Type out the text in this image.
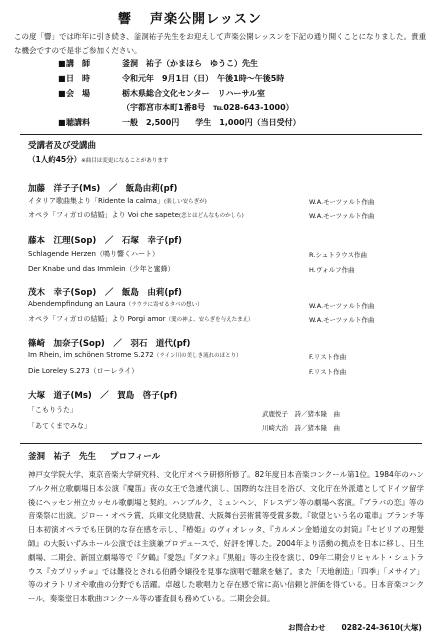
響 声楽公開レッスン
この度「響」では昨年に引き続き、釜洞祐子先生をお迎えして声楽公開レッスンを下記の通り開くことになりました。貴重な機会ですので是非ご参加ください。
■講　師	釜洞　祐子（かまほら　ゆうこ）先生
■日　時	令和元年　9月1日（日）　午後1時～午後5時
■会　場	栃木県総合文化センター　リハーサル室
（宇都宮市本町1番8号　℡028-643-1000）
■聴講料	一般　2,500円　　学生　1,000円（当日受付）
受講者及び受講曲
（1人約45分）※曲目は変更になることがあります
加藤　洋子子(Ms)　／　飯島由莉(pf)
イタリア歌曲集より「Ridente la calma」(楽しい安らぎが)	W.A.モーツァルト作曲
オペラ「フィガロの結婚」より Voi che sapete(恋とはどんなものかしら)	W.A.モーツァルト作曲
藤本　江理(Sop)　／　石塚　幸子(pf)
Schlagende Herzen（鳴り響くハート）	R.シュトラウス作曲
Der Knabe und das Immlein（少年と蜜蜂）	H.ヴォルフ作曲
茂木　幸子(Sop)　／　飯島　由莉(pf)
Abendempfindung an Laura（ラウラに寄せるタベの想い）	W.A.モーツァルト作曲
オペラ「フィガロの結婚」より Porgi amor（愛の神よ、安らぎを与えたまえ）	W.A.モーツァルト作曲
篠崎　加奈子(Sop)　／　羽石　道代(pf)
Im Rhein, im schönen Strome S.272（ライン川の美しき流れのほとり）	F.リスト作曲
Die Loreley S.273（ローレライ）	F.リスト作曲
大塚　道子(Ms)　／　賀島　啓子(pf)
「こもりうた」	武鹿悦子　詩／猪本隆　曲
「あてくまでみな」	川崎大治　詩／猪本隆　曲
釜洞　祐子　先生 プロフィール
神戸女学院大学、東京音楽大学研究科、文化庁オペラ研修所修了。82年度日本音楽コンクール第1位。1984年のハンブルク州立歌劇場日本公演『魔笛』夜の女王で急遽代演し、国際的な注目を浴び、文化庁在外派遣としてドイツ留学後にヘッセン州立カッセル歌劇場と契約。ハンブルク、ミュンヘン、ドレスデン等の劇場へ客演。『ブラバの恋』等の音楽祭に出演。ジロー・オペラ賞、兵庫文化奨励賞、大阪舞台芸術賞等受賞多数。『欲望という名の電車』ブランチ等日本初演オペラでも圧倒的な存在感を示し、『椿姫』のヴィオレッタ、『カルメン金婚道女の封筒』『セビリアの理髪師』の大阪いずみホール公演では主演兼プロデュースで、好評を博した。2004年より活動の拠点を日本に移し、日生劇場、二期会、新国立劇場等で『夕鶴』『愛怨』『ダフネ』『黒船』等の主役を演じ、09年二期会リヒャルト・シュトラウス『カプリッチョ』では難役とされる伯爵令嬢役を見事な演唱で聴衆を魅了。また「天地創造」「四季」「メサイア」等のオラトリオや歌曲の分野でも活躍。卓越した歌唱力と存在感で常に高い信頼と評価を得ている。日本音楽コンクール、奏楽堂日本歌曲コンクール等の審査員も務めている。二期会会員。
お問合わせ 0282-24-3610(大塚)
